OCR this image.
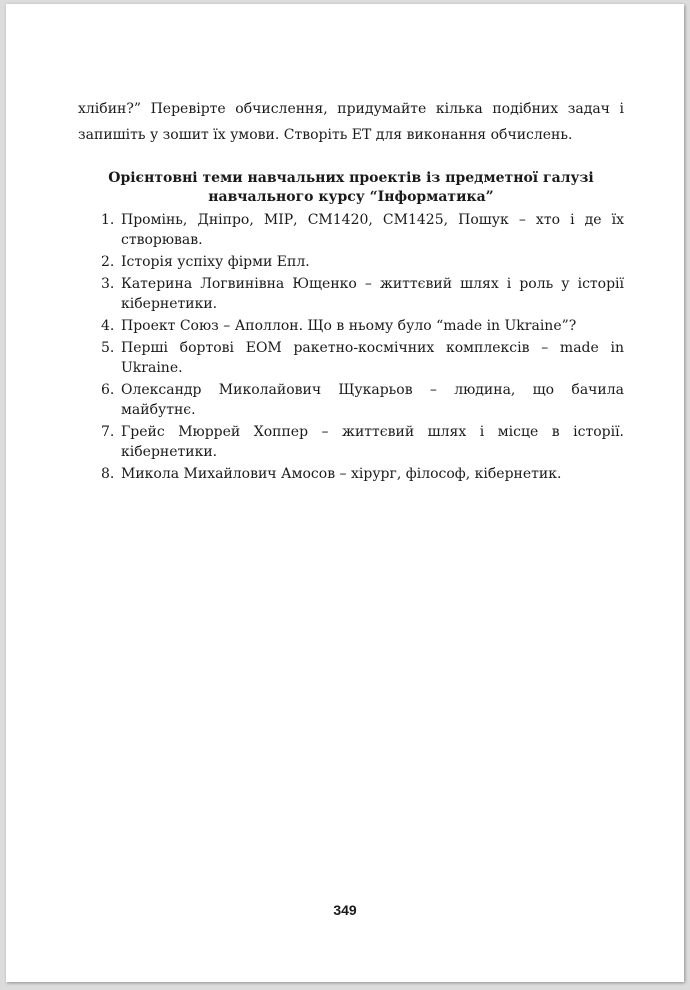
хлібин?” Перевірте обчислення, придумайте кілька подібних задач і
запишіть у зошит їх умови. Створіть ЕТ для виконання обчислень.
Орієнтовні теми навчальних проектів із предметної галузі
навчального курсу “Інформатика”
1. Промінь, Дніпро, МІР, СМ1420, СМ1425, Пошук – хто і де їх
створював.
2. Історія успіху фірми Епл.
3. Катерина Логвинівна Ющенко – життєвий шлях і роль у історії
кібернетики.
4. Проект Союз – Аполлон. Що в ньому було “made in Ukraine”?
5. Перші бортові ЕОМ ракетно-космічних комплексів – made in
Ukraine.
6. Олександр Миколайович Щукарьов – людина, що бачила
майбутнє.
7. Грейс Мюррей Хоппер – життєвий шлях і місце в історії.
кібернетики.
8. Микола Михайлович Амосов – хірург, філософ, кібернетик.
349
